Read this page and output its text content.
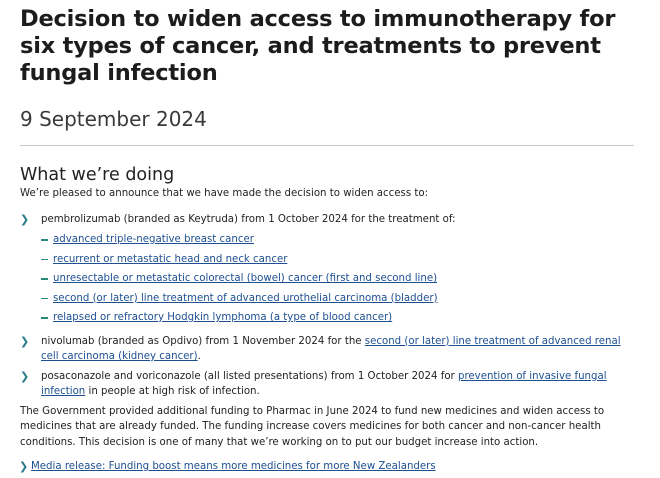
Decision to widen access to immunotherapy for six types of cancer, and treatments to prevent fungal infection
9 September 2024
What we’re doing

We’re pleased to announce that we have made the decision to widen access to:

❯ pembrolizumab (branded as Keytruda) from 1 October 2024 for the treatment of:
advanced triple-negative breast cancer
recurrent or metastatic head and neck cancer
unresectable or metastatic colorectal (bowel) cancer (first and second line)
second (or later) line treatment of advanced urothelial carcinoma (bladder)
relapsed or refractory Hodgkin lymphoma (a type of blood cancer)
❯ nivolumab (branded as Opdivo) from 1 November 2024 for the second (or later) line treatment of advanced renal cell carcinoma (kidney cancer).
❯ posaconazole and voriconazole (all listed presentations) from 1 October 2024 for prevention of invasive fungal infection in people at high risk of infection.

The Government provided additional funding to Pharmac in June 2024 to fund new medicines and widen access to medicines that are already funded. The funding increase covers medicines for both cancer and non-cancer health conditions. This decision is one of many that we’re working on to put our budget increase into action.

❯ Media release: Funding boost means more medicines for more New Zealanders
